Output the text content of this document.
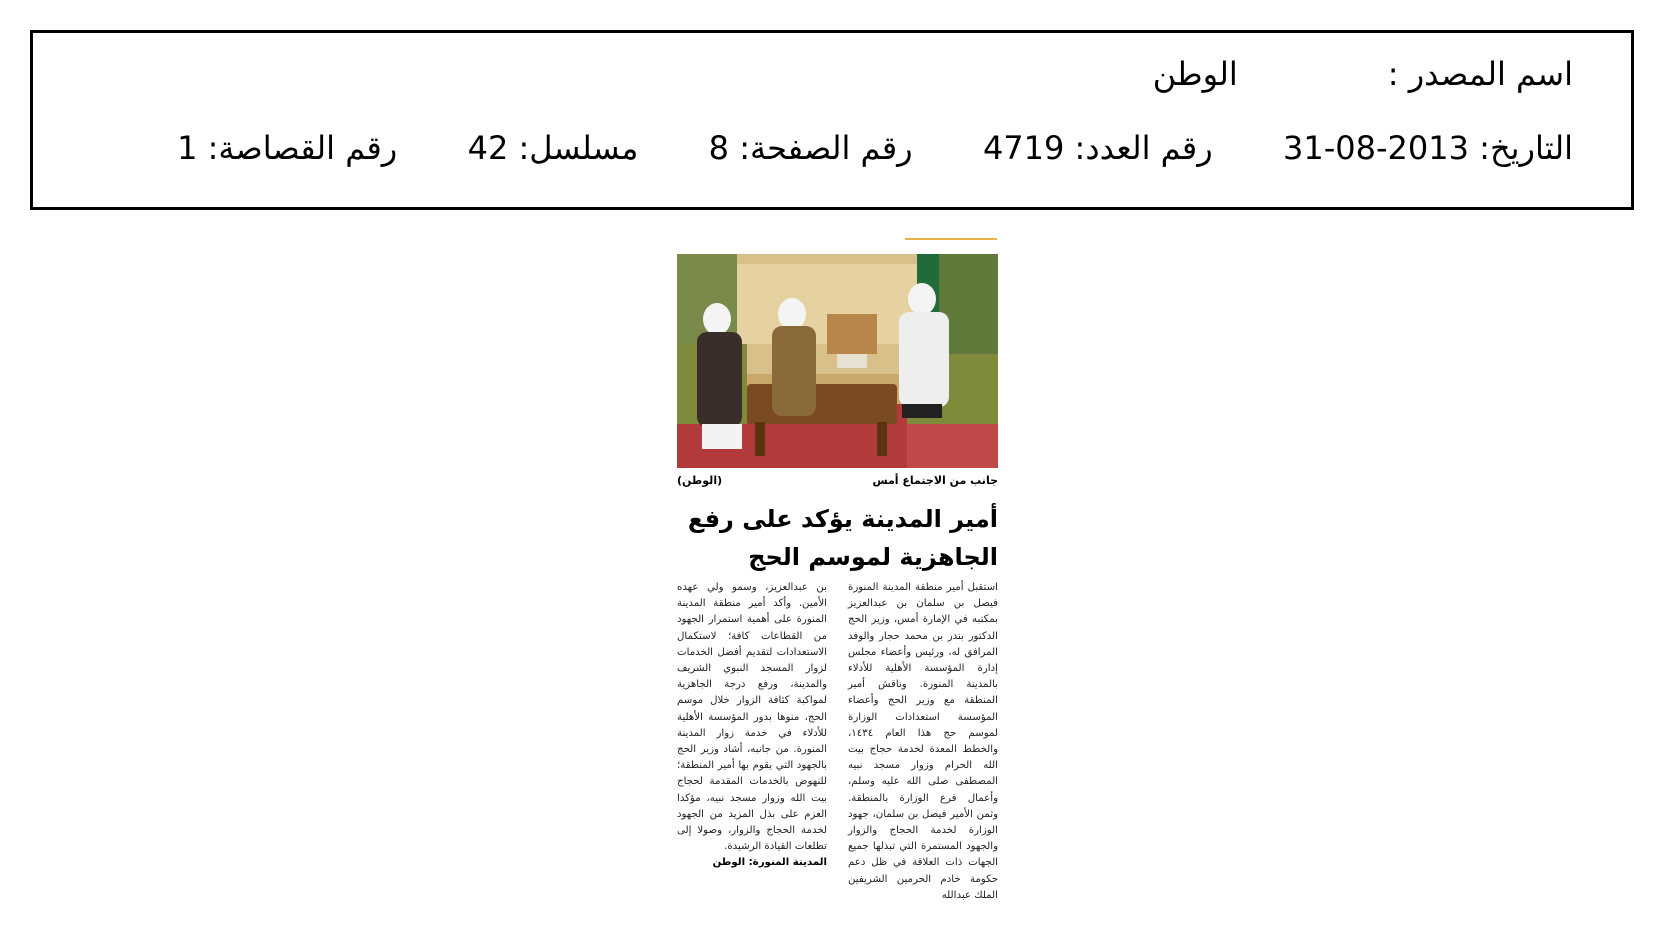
اسم المصدر :الوطن
التاريخ: 2013-08-31  رقم العدد: 4719  رقم الصفحة: 8  مسلسل: 42  رقم القصاصة: 1
جانب من الاجتماع أمس
(الوطن)
أمير المدينة يؤكد على رفع الجاهزية لموسم الحج

استقبل أمير منطقة المدينة المنورة فيصل بن سلمان بن عبدالعزيز بمكتبه في الإمارة أمس، وزير الحج الدكتور بندر بن محمد حجار والوفد المرافق له، ورئيس وأعضاء مجلس إدارة المؤسسة الأهلية للأدلاء بالمدينة المنورة. وناقش أمير المنطقة مع وزير الحج وأعضاء المؤسسة استعدادات الوزارة لموسم حج هذا العام ١٤٣٤، والخطط المعدة لخدمة حجاج بيت الله الحرام وزوار مسجد نبيه المصطفى صلى الله عليه وسلم، وأعمال فرع الوزارة بالمنطقة. وثمن الأمير فيصل بن سلمان، جهود الوزارة لخدمة الحجاج والزوار والجهود المستمرة التي تبذلها جميع الجهات ذات العلاقة في ظل دعم حكومة خادم الحرمين الشريفين الملك عبدالله

بن عبدالعزيز، وسمو ولي عهده الأمين. وأكد أمير منطقة المدينة المنورة على أهمية استمرار الجهود من القطاعات كافة؛ لاستكمال الاستعدادات لتقديم أفضل الخدمات لزوار المسجد النبوي الشريف والمدينة، ورفع درجة الجاهزية لمواكبة كثافة الزوار خلال موسم الحج، منوها بدور المؤسسة الأهلية للأدلاء في خدمة زوار المدينة المنورة. من جانبه، أشاد وزير الحج بالجهود التي يقوم بها أمير المنطقة؛ للنهوض بالخدمات المقدمة لحجاج بيت الله وزوار مسجد نبيه، مؤكدا العزم على بذل المزيد من الجهود لخدمة الحجاج والزوار، وصولا إلى تطلعات القيادة الرشيدة.

المدينة المنورة: الوطن
